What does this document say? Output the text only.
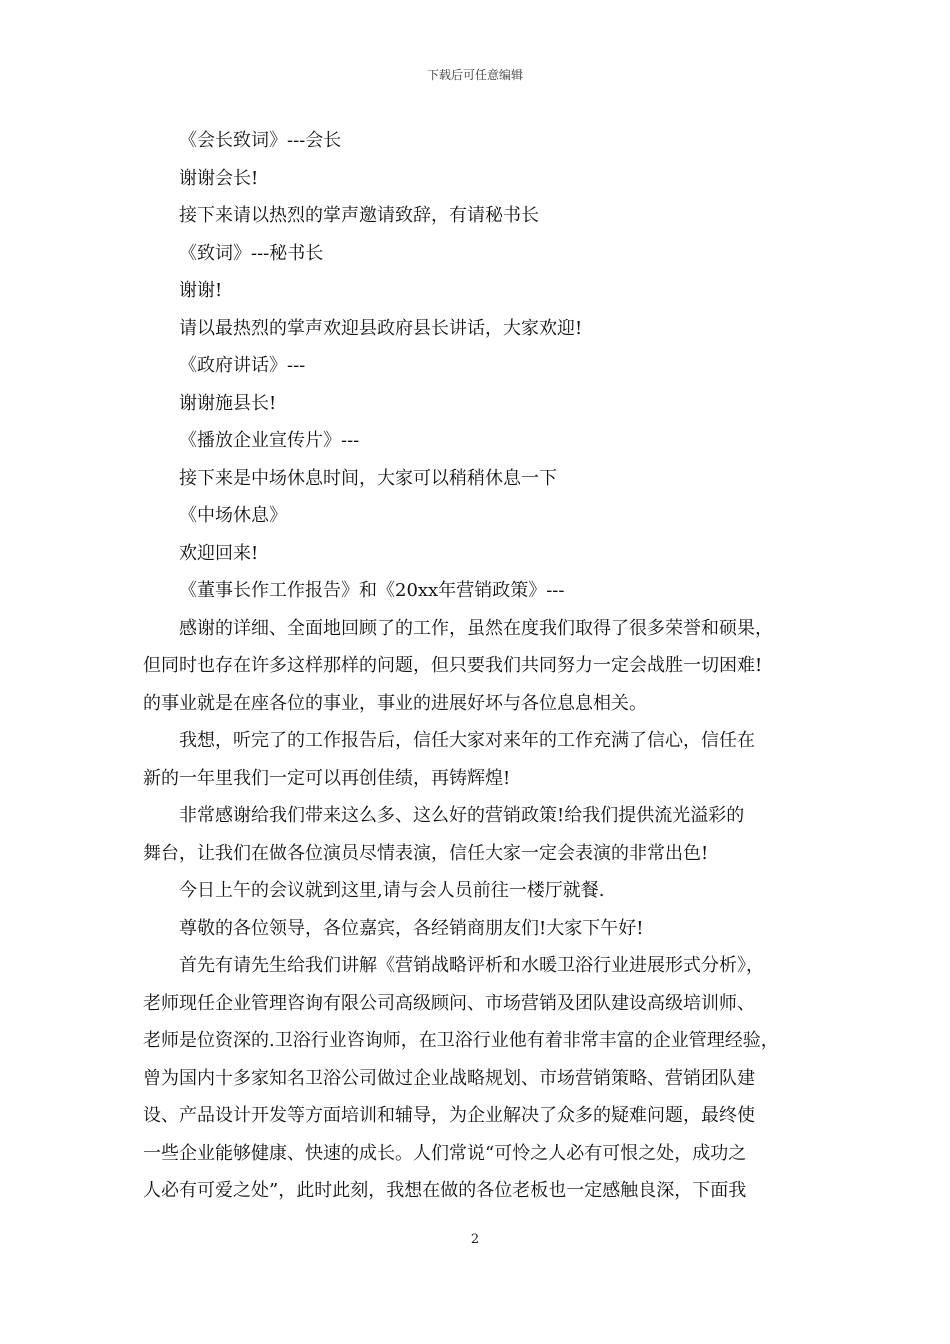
下载后可任意编辑
《会长致词》---会长
谢谢会长!
接下来请以热烈的掌声邀请致辞，有请秘书长
《致词》---秘书长
谢谢!
请以最热烈的掌声欢迎县政府县长讲话，大家欢迎!
《政府讲话》---
谢谢施县长!
《播放企业宣传片》---
接下来是中场休息时间，大家可以稍稍休息一下
《中场休息》
欢迎回来!
《董事长作工作报告》和《20xx年营销政策》---
感谢的详细、全面地回顾了的工作，虽然在度我们取得了很多荣誉和硕果，
但同时也存在许多这样那样的问题，但只要我们共同努力一定会战胜一切困难!
的事业就是在座各位的事业，事业的进展好坏与各位息息相关。
我想，听完了的工作报告后，信任大家对来年的工作充满了信心，信任在
新的一年里我们一定可以再创佳绩，再铸辉煌!
非常感谢给我们带来这么多、这么好的营销政策!给我们提供流光溢彩的
舞台，让我们在做各位演员尽情表演，信任大家一定会表演的非常出色!
今日上午的会议就到这里,请与会人员前往一楼厅就餐.
尊敬的各位领导，各位嘉宾，各经销商朋友们!大家下午好!
首先有请先生给我们讲解《营销战略评析和水暖卫浴行业进展形式分析》，
老师现任企业管理咨询有限公司高级顾问、市场营销及团队建设高级培训师、
老师是位资深的.卫浴行业咨询师，在卫浴行业他有着非常丰富的企业管理经验，
曾为国内十多家知名卫浴公司做过企业战略规划、市场营销策略、营销团队建
设、产品设计开发等方面培训和辅导，为企业解决了众多的疑难问题，最终使
一些企业能够健康、快速的成长。人们常说“可怜之人必有可恨之处，成功之
人必有可爱之处”，此时此刻，我想在做的各位老板也一定感触良深，下面我
2
